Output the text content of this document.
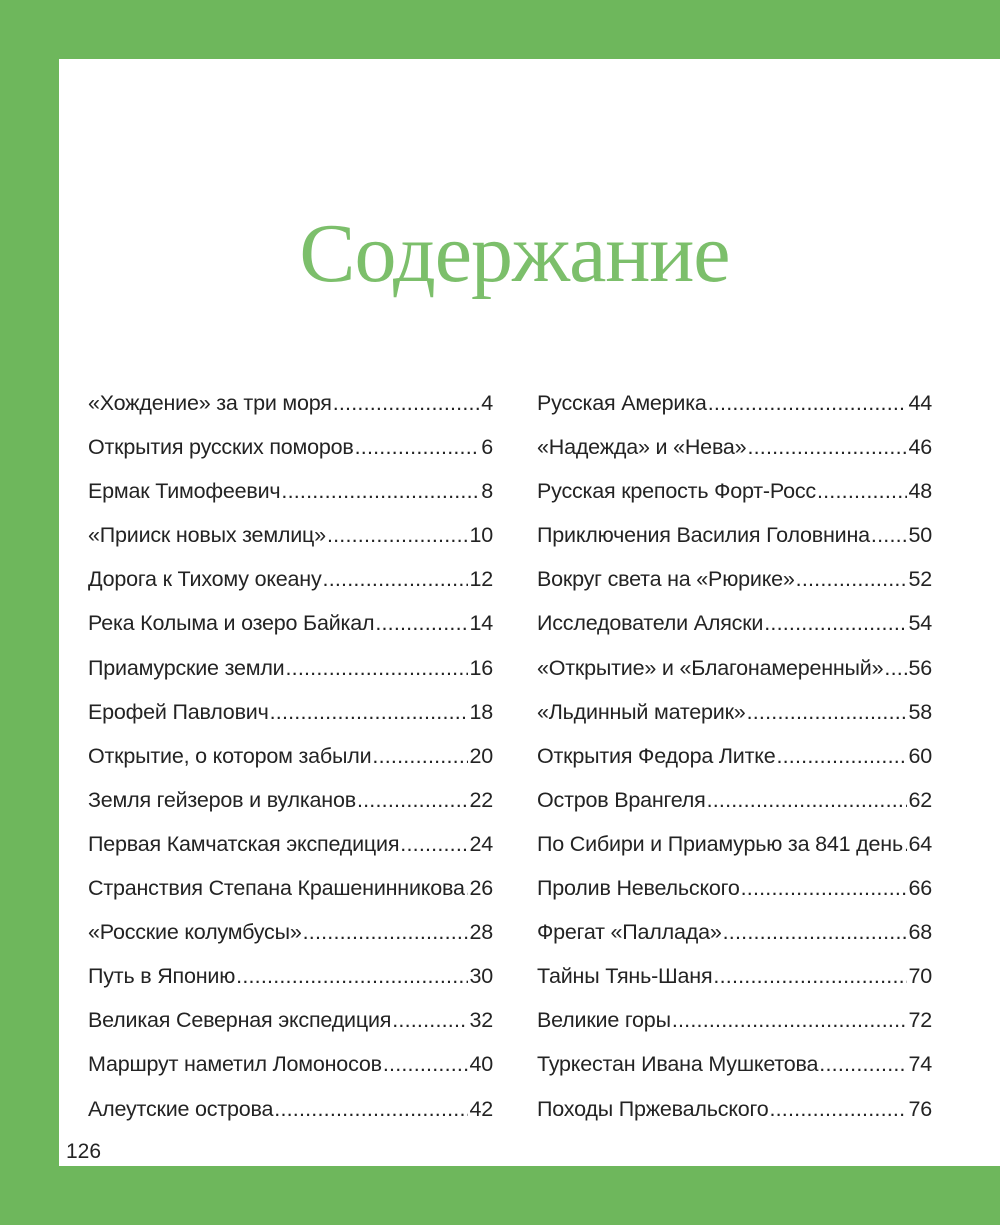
Содержание
«Хождение» за три моря .....	4
Открытия русских поморов .....	6
Ермак Тимофеевич .....	8
«Прииск новых землиц» .....	10
Дорога к Тихому океану .....	12
Река Колыма и озеро Байкал .....	14
Приамурские земли .....	16
Ерофей Павлович .....	18
Открытие, о котором забыли .....	20
Земля гейзеров и вулканов .....	22
Первая Камчатская экспедиция .....	24
Странствия Степана Крашенинникова ..... 26
«Росские колумбусы» .....	28
Путь в Японию .....	30
Великая Северная экспедиция .....	32
Маршрут наметил Ломоносов .....	40
Алеутские острова .....	42
Русская Америка .....	44
«Надежда» и «Нева» .....	46
Русская крепость Форт-Росс .....	48
Приключения Василия Головнина ..... 50
Вокруг света на «Рюрике» .....	52
Исследователи Аляски .....	54
«Открытие» и «Благонамеренный» ..... 56
«Льдинный материк» .....	58
Открытия Федора Литке .....	60
Остров Врангеля .....	62
По Сибири и Приамурью за 841 день ..... 64
Пролив Невельского .....	66
Фрегат «Паллада» .....	68
Тайны Тянь-Шаня .....	70
Великие горы .....	72
Туркестан Ивана Мушкетова .....	74
Походы Пржевальского .....	76
126
